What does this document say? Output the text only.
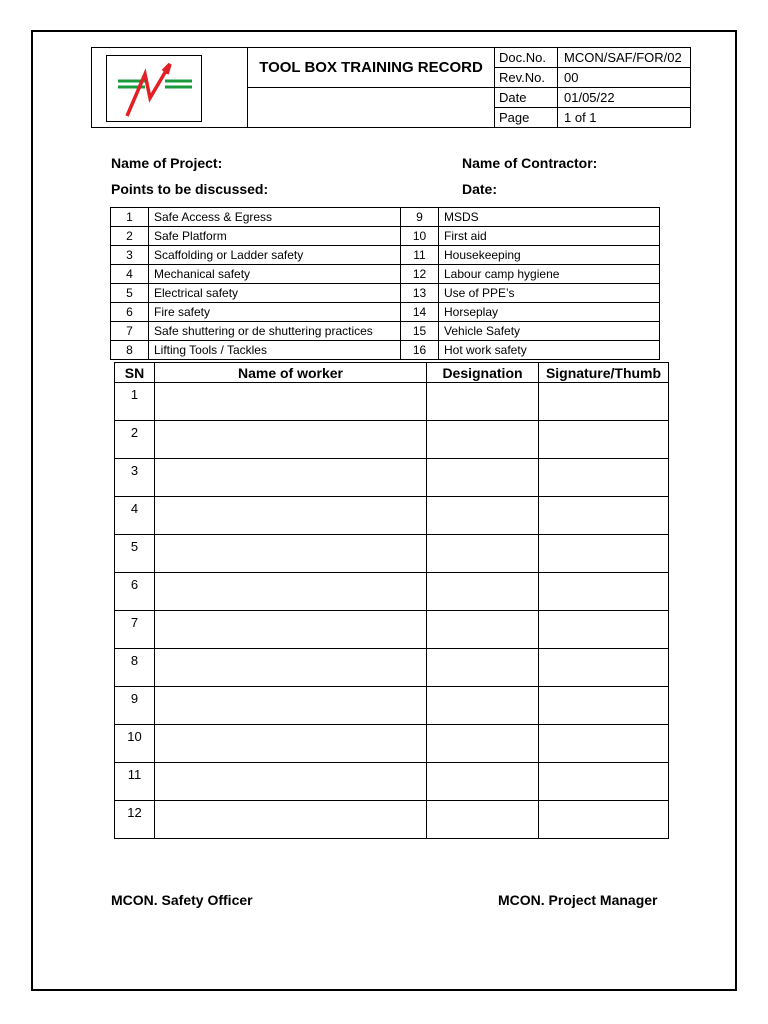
	TOOL BOX TRAINING RECORD	Doc.No.	MCON/SAF/FOR/02
		Rev.No.	00
		Date	01/05/22
		Page	1 of 1
Name of Project:	Name of Contractor:
Points to be discussed:	Date:
1	Safe Access & Egress	9	MSDS
2	Safe Platform	10	First aid
3	Scaffolding or Ladder safety	11	Housekeeping
4	Mechanical safety	12	Labour camp hygiene
5	Electrical safety	13	Use of PPE’s
6	Fire safety	14	Horseplay
7	Safe shuttering or de shuttering practices	15	Vehicle Safety
8	Lifting Tools / Tackles	16	Hot work safety
SN	Name of worker	Designation	Signature/Thumb
1			
2			
3			
4			
5			
6			
7			
8			
9			
10			
11			
12			
MCON. Safety Officer	MCON. Project Manager
